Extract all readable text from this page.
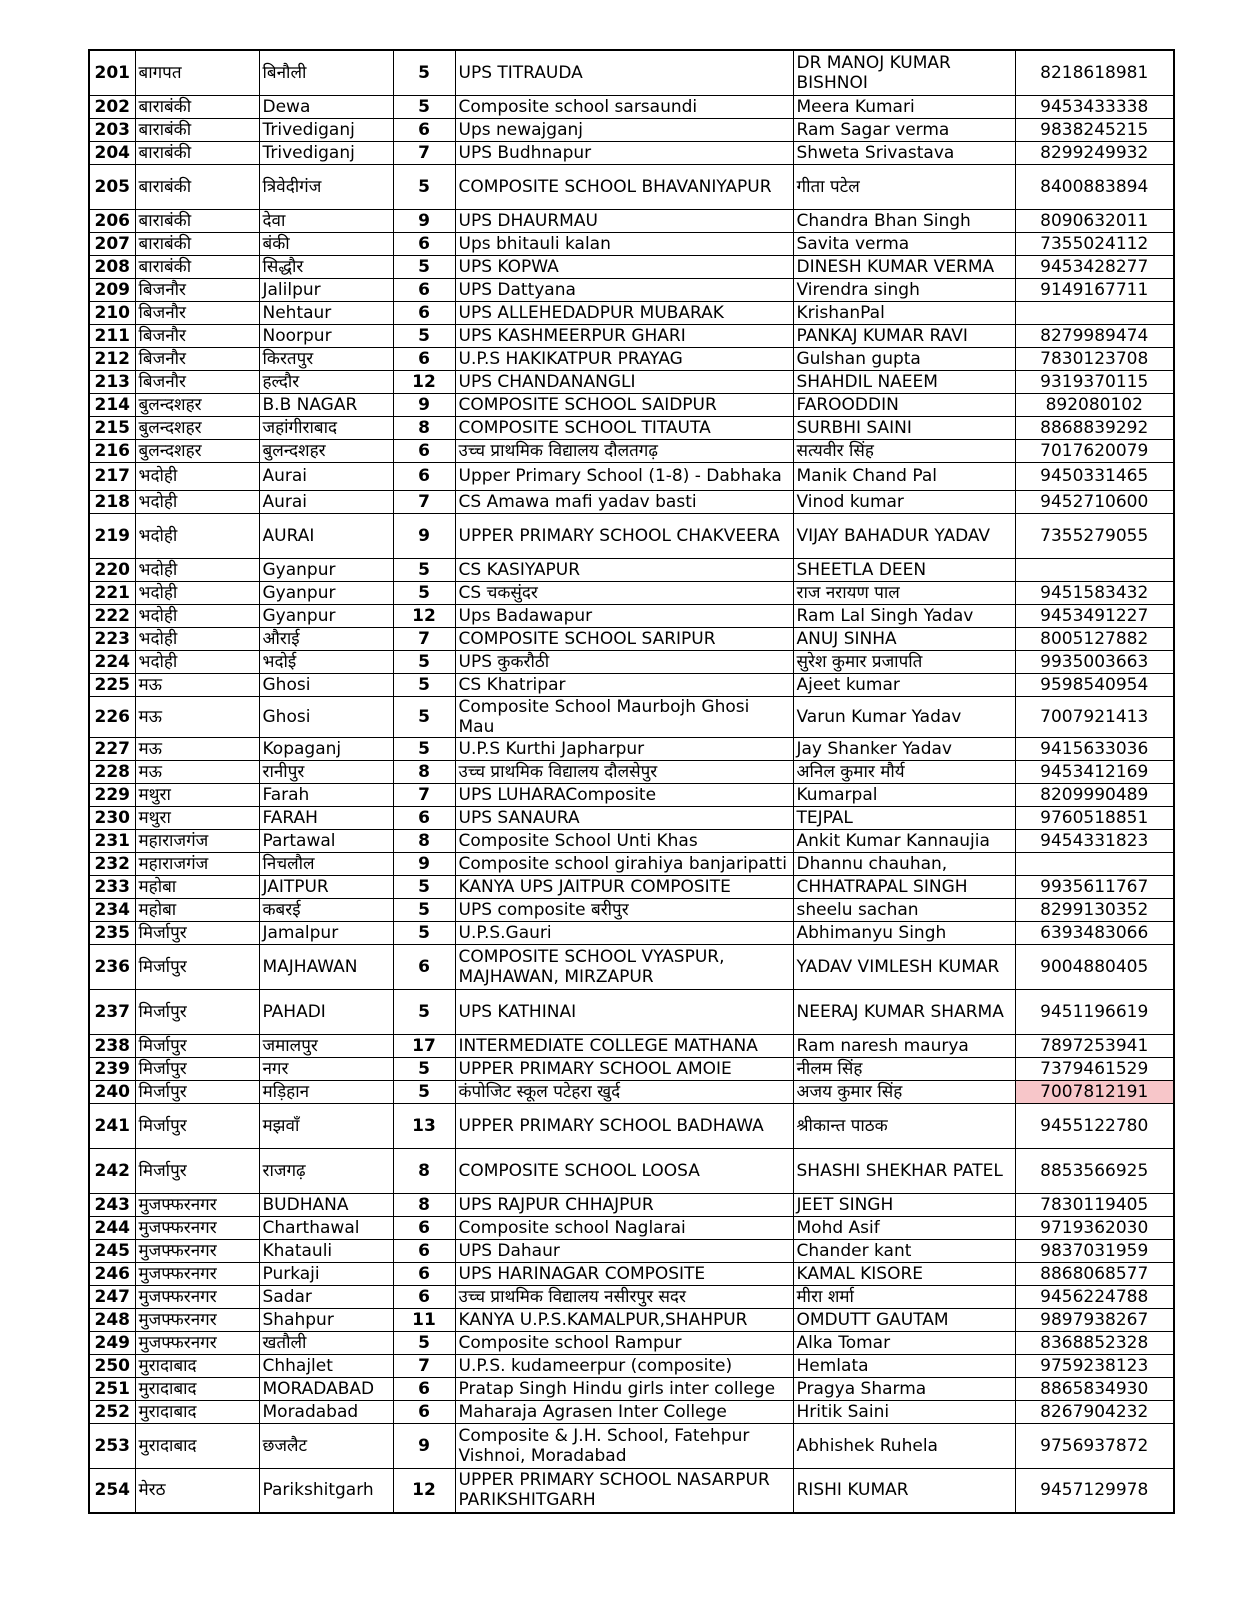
201	बागपत	बिनौली	5	UPS TITRAUDA	DR MANOJ KUMAR BISHNOI	8218618981
202	बाराबंकी	Dewa	5	Composite school sarsaundi	Meera Kumari	9453433338
203	बाराबंकी	Trivediganj	6	Ups newajganj	Ram Sagar verma	9838245215
204	बाराबंकी	Trivediganj	7	UPS Budhnapur	Shweta Srivastava	8299249932
205	बाराबंकी	त्रिवेदीगंज	5	COMPOSITE SCHOOL BHAVANIYAPUR	गीता पटेल	8400883894
206	बाराबंकी	देवा	9	UPS DHAURMAU	Chandra Bhan Singh	8090632011
207	बाराबंकी	बंकी	6	Ups bhitauli kalan	Savita verma	7355024112
208	बाराबंकी	सिद्धौर	5	UPS KOPWA	DINESH KUMAR VERMA	9453428277
209	बिजनौर	Jalilpur	6	UPS Dattyana	Virendra singh	9149167711
210	बिजनौर	Nehtaur	6	UPS ALLEHEDADPUR MUBARAK	KrishanPal	
211	बिजनौर	Noorpur	5	UPS KASHMEERPUR GHARI	PANKAJ KUMAR RAVI	8279989474
212	बिजनौर	किरतपुर	6	U.P.S HAKIKATPUR PRAYAG	Gulshan gupta	7830123708
213	बिजनौर	हल्दौर	12	UPS CHANDANANGLI	SHAHDIL NAEEM	9319370115
214	बुलन्दशहर	B.B NAGAR	9	COMPOSITE SCHOOL SAIDPUR	FAROODDIN	892080102
215	बुलन्दशहर	जहांगीराबाद	8	COMPOSITE SCHOOL TITAUTA	SURBHI SAINI	8868839292
216	बुलन्दशहर	बुलन्दशहर	6	उच्च प्राथमिक विद्यालय दौलतगढ़	सत्यवीर सिंह	7017620079
217	भदोही	Aurai	6	Upper Primary School (1-8) - Dabhaka	Manik Chand Pal	9450331465
218	भदोही	Aurai	7	CS Amawa mafi yadav basti	Vinod kumar	9452710600
219	भदोही	AURAI	9	UPPER PRIMARY SCHOOL CHAKVEERA	VIJAY BAHADUR YADAV	7355279055
220	भदोही	Gyanpur	5	CS KASIYAPUR	SHEETLA DEEN	
221	भदोही	Gyanpur	5	CS चकसुंदर	राज नरायण पाल	9451583432
222	भदोही	Gyanpur	12	Ups Badawapur	Ram Lal Singh Yadav	9453491227
223	भदोही	औराई	7	COMPOSITE SCHOOL SARIPUR	ANUJ SINHA	8005127882
224	भदोही	भदोई	5	UPS कुकरौठी	सुरेश कुमार प्रजापति	9935003663
225	मऊ	Ghosi	5	CS Khatripar	Ajeet kumar	9598540954
226	मऊ	Ghosi	5	Composite School Maurbojh Ghosi Mau	Varun Kumar Yadav	7007921413
227	मऊ	Kopaganj	5	U.P.S Kurthi Japharpur	Jay Shanker Yadav	9415633036
228	मऊ	रानीपुर	8	उच्च प्राथमिक विद्यालय दौलसेपुर	अनिल कुमार मौर्य	9453412169
229	मथुरा	Farah	7	UPS LUHARAComposite	Kumarpal	8209990489
230	मथुरा	FARAH	6	UPS SANAURA	TEJPAL	9760518851
231	महाराजगंज	Partawal	8	Composite School Unti Khas	Ankit Kumar Kannaujia	9454331823
232	महाराजगंज	निचलौल	9	Composite school girahiya banjaripatti	Dhannu chauhan,	
233	महोबा	JAITPUR	5	KANYA UPS JAITPUR COMPOSITE	CHHATRAPAL SINGH	9935611767
234	महोबा	कबरई	5	UPS composite बरीपुर	sheelu sachan	8299130352
235	मिर्जापुर	Jamalpur	5	U.P.S.Gauri	Abhimanyu Singh	6393483066
236	मिर्जापुर	MAJHAWAN	6	COMPOSITE SCHOOL VYASPUR, MAJHAWAN, MIRZAPUR	YADAV VIMLESH KUMAR	9004880405
237	मिर्जापुर	PAHADI	5	UPS KATHINAI	NEERAJ KUMAR SHARMA	9451196619
238	मिर्जापुर	जमालपुर	17	INTERMEDIATE COLLEGE MATHANA	Ram naresh maurya	7897253941
239	मिर्जापुर	नगर	5	UPPER PRIMARY SCHOOL AMOIE	नीलम सिंह	7379461529
240	मिर्जापुर	मड़िहान	5	कंपोजिट स्कूल पटेहरा खुर्द	अजय कुमार सिंह	7007812191
241	मिर्जापुर	मझवाँ	13	UPPER PRIMARY SCHOOL BADHAWA	श्रीकान्त पाठक	9455122780
242	मिर्जापुर	राजगढ़	8	COMPOSITE SCHOOL LOOSA	SHASHI SHEKHAR PATEL	8853566925
243	मुजफ्फरनगर	BUDHANA	8	UPS RAJPUR CHHAJPUR	JEET SINGH	7830119405
244	मुजफ्फरनगर	Charthawal	6	Composite school Naglarai	Mohd Asif	9719362030
245	मुजफ्फरनगर	Khatauli	6	UPS Dahaur	Chander kant	9837031959
246	मुजफ्फरनगर	Purkaji	6	UPS HARINAGAR COMPOSITE	KAMAL KISORE	8868068577
247	मुजफ्फरनगर	Sadar	6	उच्च प्राथमिक विद्यालय नसीरपुर सदर	मीरा शर्मा	9456224788
248	मुजफ्फरनगर	Shahpur	11	KANYA U.P.S.KAMALPUR,SHAHPUR	OMDUTT GAUTAM	9897938267
249	मुजफ्फरनगर	खतौली	5	Composite school Rampur	Alka Tomar	8368852328
250	मुरादाबाद	Chhajlet	7	U.P.S. kudameerpur (composite)	Hemlata	9759238123
251	मुरादाबाद	MORADABAD	6	Pratap Singh Hindu girls inter college	Pragya Sharma	8865834930
252	मुरादाबाद	Moradabad	6	Maharaja Agrasen Inter College	Hritik Saini	8267904232
253	मुरादाबाद	छजलैट	9	Composite & J.H. School, Fatehpur Vishnoi, Moradabad	Abhishek Ruhela	9756937872
254	मेरठ	Parikshitgarh	12	UPPER PRIMARY SCHOOL NASARPUR PARIKSHITGARH	RISHI KUMAR	9457129978
